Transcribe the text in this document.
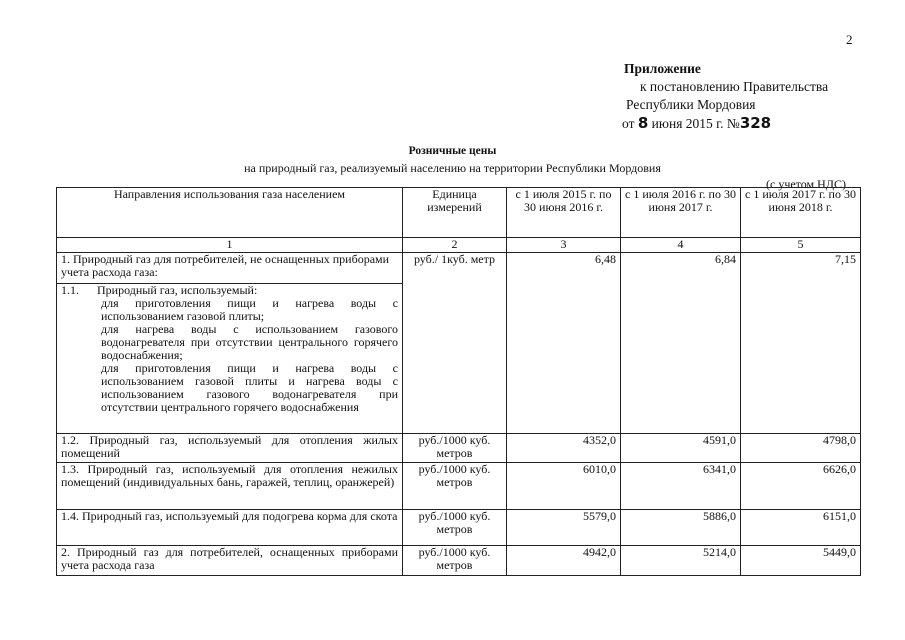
2
Приложение
к постановлению Правительства
Республики Мордовия
от 8 июня 2015 г. №328
Розничные цены
на природный газ, реализуемый населению на территории Республики Мордовия
(с учетом НДС)
Направления использования газа населением	Единица измерений	с 1 июля 2015 г. по 30 июня 2016 г.	с 1 июля 2016 г. по 30 июня 2017 г.	с 1 июля 2017 г. по 30 июня 2018 г.
1	2	3	4	5
1. Природный газ для потребителей, не оснащенных приборами учета расхода газа:	руб./ 1куб. метр	6,48	6,84	7,15

1.1. Природный газ, используемый:
для приготовления пищи и нагрева воды с использованием газовой плиты;
для нагрева воды с использованием газового водонагревателя при отсутствии центрального горячего водоснабжения;
для приготовления пищи и нагрева воды с использованием газовой плиты и нагрева воды с использованием газового водонагревателя при отсутствии центрального горячего водоснабжения				

1.2. Природный газ, используемый для отопления жилых помещений	руб./1000 куб. метров	4352,0	4591,0	4798,0
1.3. Природный газ, используемый для отопления нежилых помещений (индивидуальных бань, гаражей, теплиц, оранжерей)	руб./1000 куб. метров	6010,0	6341,0	6626,0
1.4. Природный газ, используемый для подогрева корма для скота	руб./1000 куб. метров	5579,0	5886,0	6151,0
2. Природный газ для потребителей, оснащенных приборами учета расхода газа	руб./1000 куб. метров	4942,0	5214,0	5449,0
